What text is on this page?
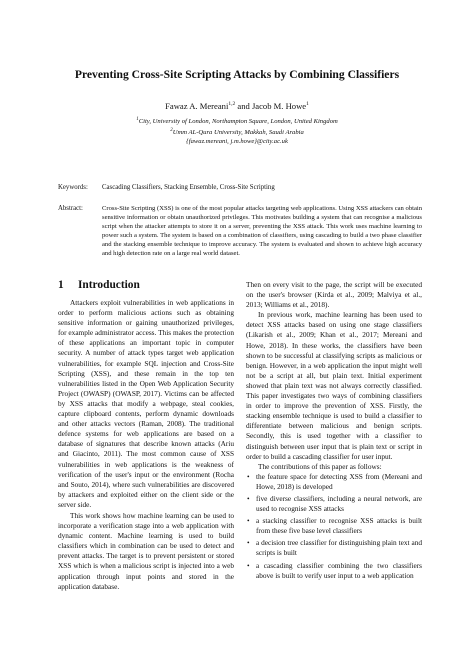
Preventing Cross-Site Scripting Attacks by Combining Classifiers
Fawaz A. Mereani$^{1,2}$ and Jacob M. Howe$^1$
$^1$City, University of London, Northampton Square, London, United Kingdom
$^2$Umm AL-Qura University, Makkah, Saudi Arabia
{fawaz.mereani, j.m.howe}@city.ac.uk
Keywords: Cascading Classifiers, Stacking Ensemble, Cross-Site Scripting
Abstract:	Cross-Site Scripting (XSS) is one of the most popular attacks targeting web applications. Using XSS attackers can obtain sensitive information or obtain unauthorized privileges. This motivates building a system that can recognise a malicious script when the attacker attempts to store it on a server, preventing the XSS attack. This work uses machine learning to power such a system. The system is based on a combination of classifiers, using cascading to build a two phase classifier and the stacking ensemble technique to improve accuracy. The system is evaluated and shown to achieve high accuracy and high detection rate on a large real world dataset.

1 Introduction

Attackers exploit vulnerabilities in web applications in order to perform malicious actions such as obtaining sensitive information or gaining unauthorized privileges, for example administrator access. This makes the protection of these applications an important topic in computer security. A number of attack types target web application vulnerabilities, for example SQL injection and Cross-Site Scripting (XSS), and these remain in the top ten vulnerabilities listed in the Open Web Application Security Project (OWASP) (OWASP, 2017). Victims can be affected by XSS attacks that modify a webpage, steal cookies, capture clipboard contents, perform dynamic downloads and other attacks vectors (Raman, 2008). The traditional defence systems for web applications are based on a database of signatures that describe known attacks (Ariu and Giacinto, 2011). The most common cause of XSS vulnerabilities in web applications is the weakness of verification of the user's input or the environment (Rocha and Souto, 2014), where such vulnerabilities are discovered by attackers and exploited either on the client side or the server side.

This work shows how machine learning can be used to incorporate a verification stage into a web application with dynamic content. Machine learning is used to build classifiers which in combination can be used to detect and prevent attacks. The target is to prevent persistent or stored XSS which is when a malicious script is injected into a web application through input points and stored in the application database.

Then on every visit to the page, the script will be executed on the user's browser (Kirda et al., 2009; Malviya et al., 2013; Williams et al., 2018).

In previous work, machine learning has been used to detect XSS attacks based on using one stage classifiers (Likarish et al., 2009; Khan et al., 2017; Mereani and Howe, 2018). In these works, the classifiers have been shown to be successful at classifying scripts as malicious or benign. However, in a web application the input might well not be a script at all, but plain text. Initial experiment showed that plain text was not always correctly classified. This paper investigates two ways of combining classifiers in order to improve the prevention of XSS. Firstly, the stacking ensemble technique is used to build a classifier to differentiate between malicious and benign scripts. Secondly, this is used together with a classifier to distinguish between user input that is plain text or script in order to build a cascading classifier for user input.

The contributions of this paper as follows:

• the feature space for detecting XSS from (Mereani and Howe, 2018) is developed
• five diverse classifiers, including a neural network, are used to recognise XSS attacks
• a stacking classifier to recognise XSS attacks is built from these five base level classifiers
• a decision tree classifier for distinguishing plain text and scripts is built
• a cascading classifier combining the two classifiers above is built to verify user input to a web application
